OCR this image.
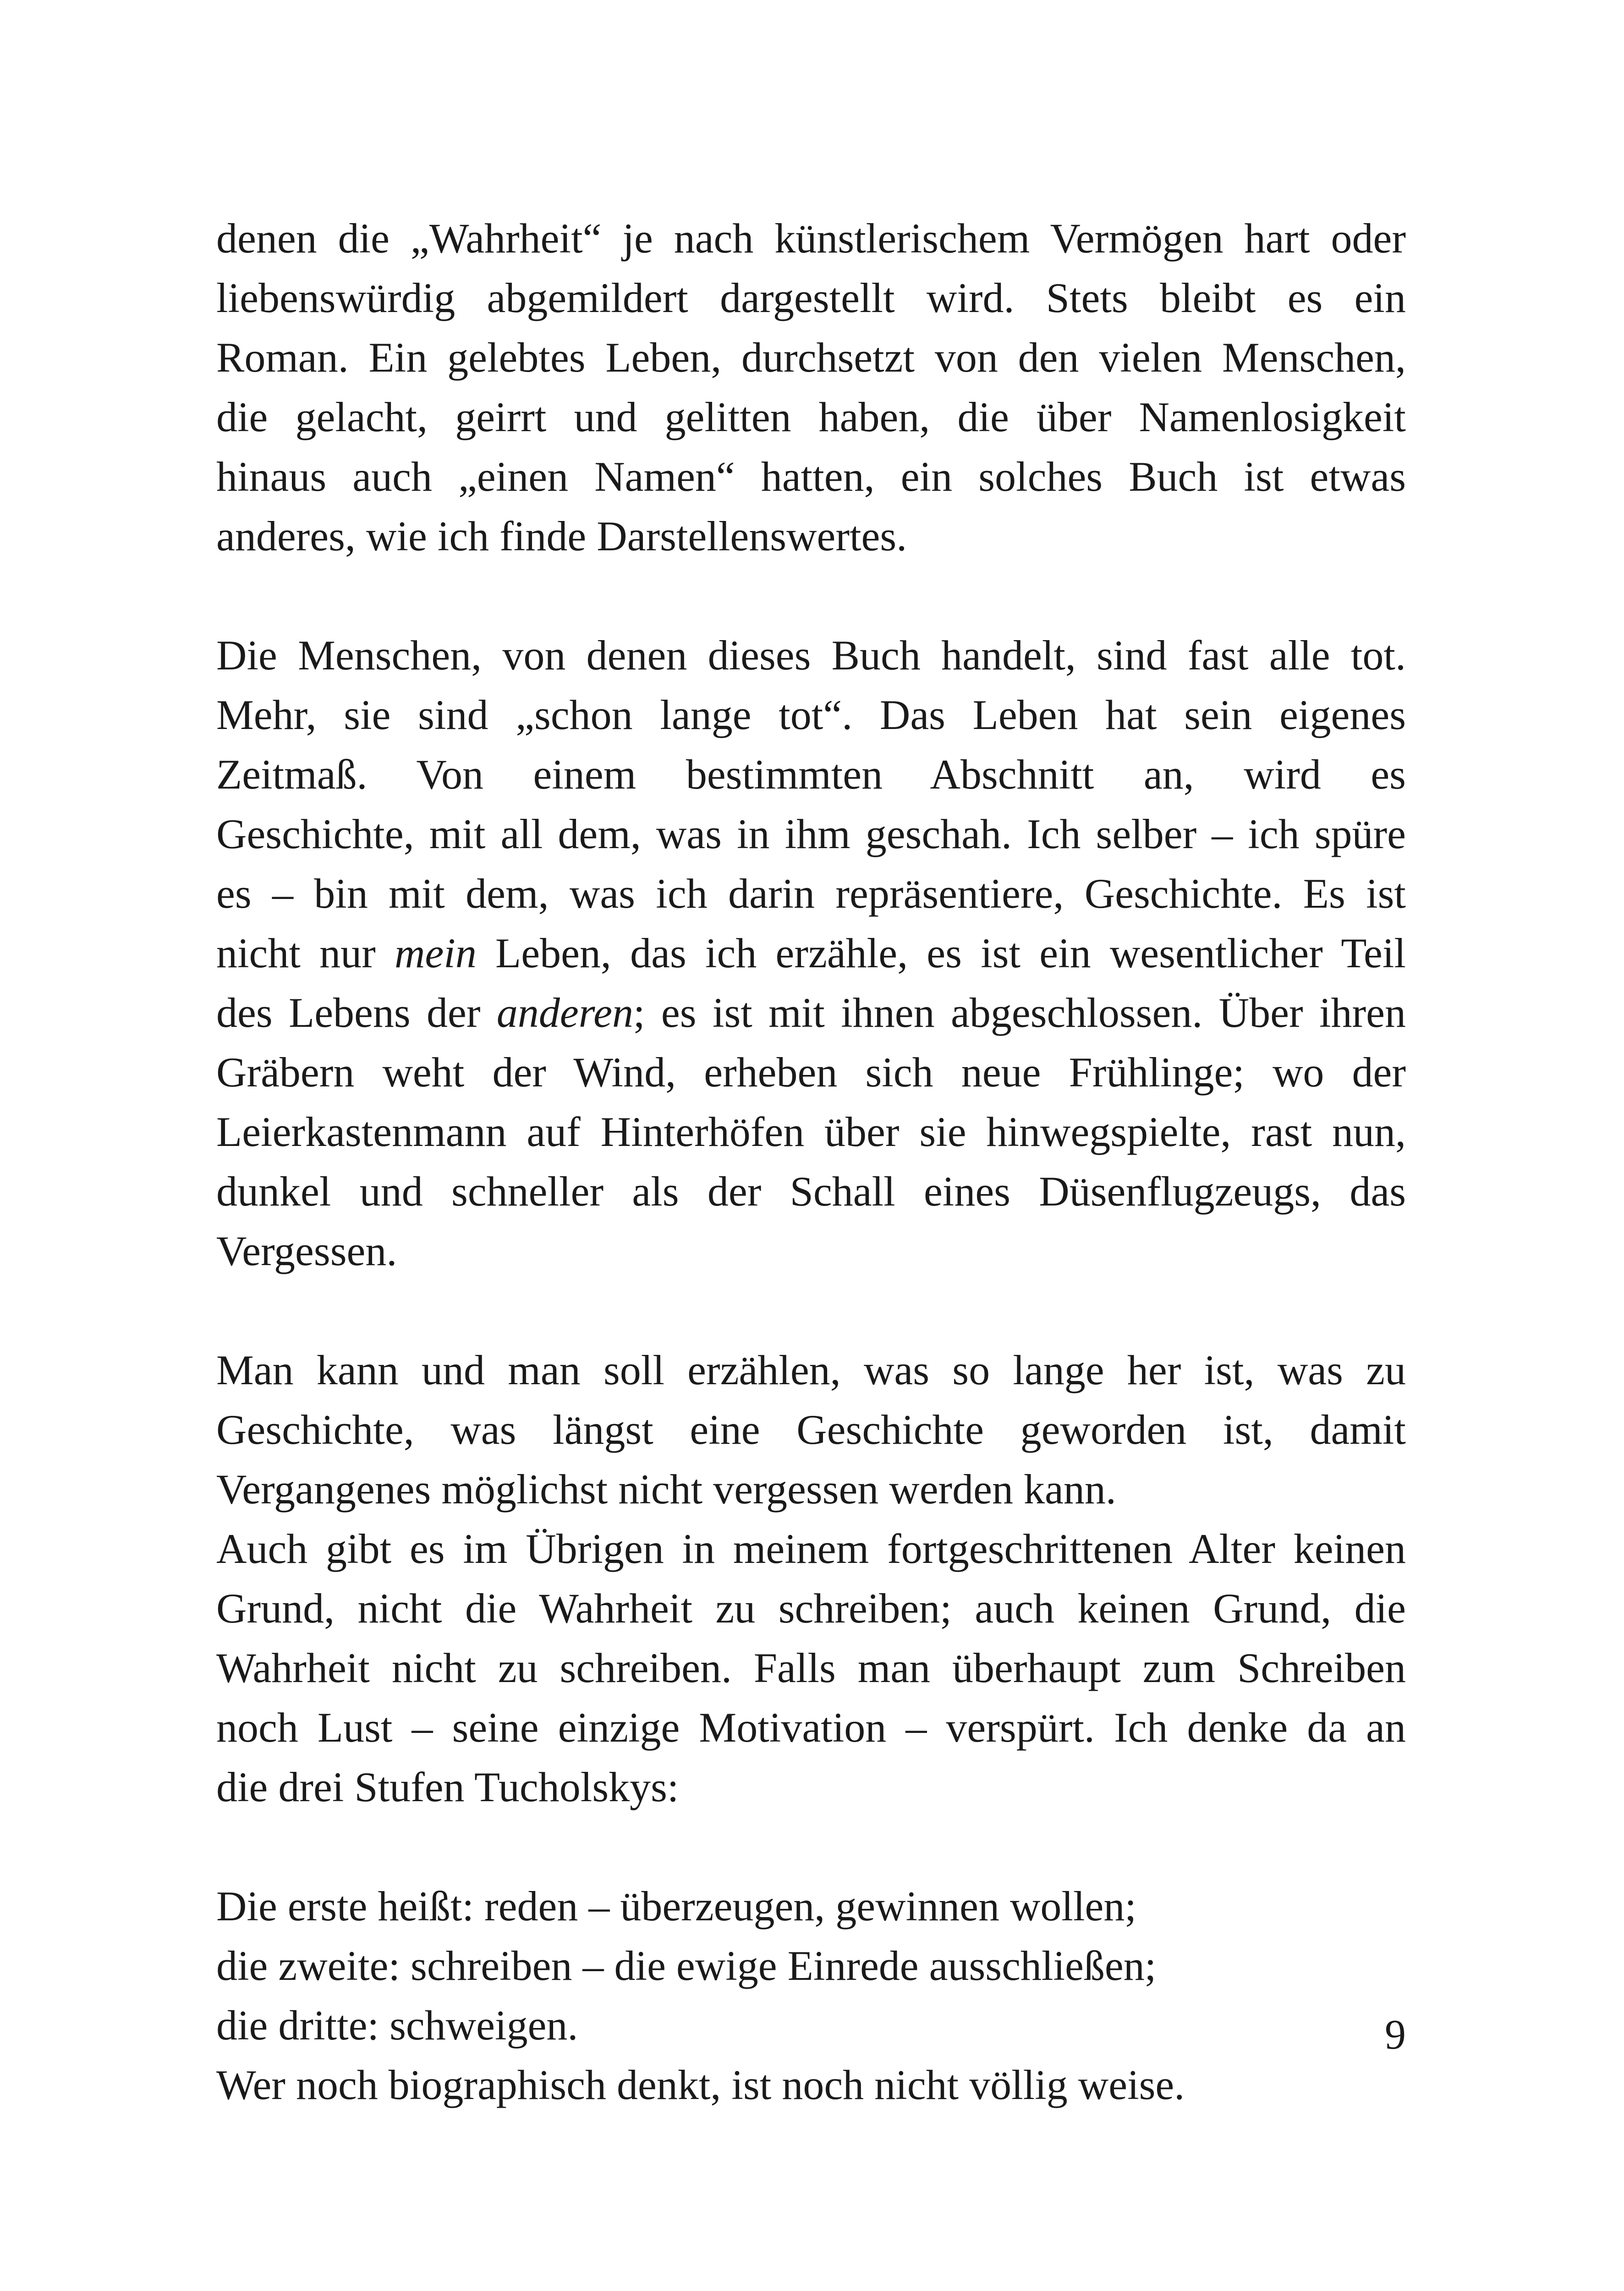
denen die „Wahrheit“ je nach künstlerischem Vermögen hart oder
liebenswürdig abgemildert dargestellt wird. Stets bleibt es ein
Roman. Ein gelebtes Leben, durchsetzt von den vielen Menschen,
die gelacht, geirrt und gelitten haben, die über Namenlosigkeit
hinaus auch „einen Namen“ hatten, ein solches Buch ist etwas
anderes, wie ich finde Darstellenswertes.
Die Menschen, von denen dieses Buch handelt, sind fast alle tot.
Mehr, sie sind „schon lange tot“. Das Leben hat sein eigenes
Zeitmaß. Von einem bestimmten Abschnitt an, wird es
Geschichte, mit all dem, was in ihm geschah. Ich selber – ich spüre
es – bin mit dem, was ich darin repräsentiere, Geschichte. Es ist
nicht nur mein Leben, das ich erzähle, es ist ein wesentlicher Teil
des Lebens der anderen; es ist mit ihnen abgeschlossen. Über ihren
Gräbern weht der Wind, erheben sich neue Frühlinge; wo der
Leierkastenmann auf Hinterhöfen über sie hinwegspielte, rast nun,
dunkel und schneller als der Schall eines Düsenflugzeugs, das
Vergessen.
Man kann und man soll erzählen, was so lange her ist, was zu
Geschichte, was längst eine Geschichte geworden ist, damit
Vergangenes möglichst nicht vergessen werden kann.
Auch gibt es im Übrigen in meinem fortgeschrittenen Alter keinen
Grund, nicht die Wahrheit zu schreiben; auch keinen Grund, die
Wahrheit nicht zu schreiben. Falls man überhaupt zum Schreiben
noch Lust – seine einzige Motivation – verspürt. Ich denke da an
die drei Stufen Tucholskys:

Die erste heißt: reden – überzeugen, gewinnen wollen;

die zweite: schreiben – die ewige Einrede ausschließen;

die dritte: schweigen.

Wer noch biographisch denkt, ist noch nicht völlig weise.

9
